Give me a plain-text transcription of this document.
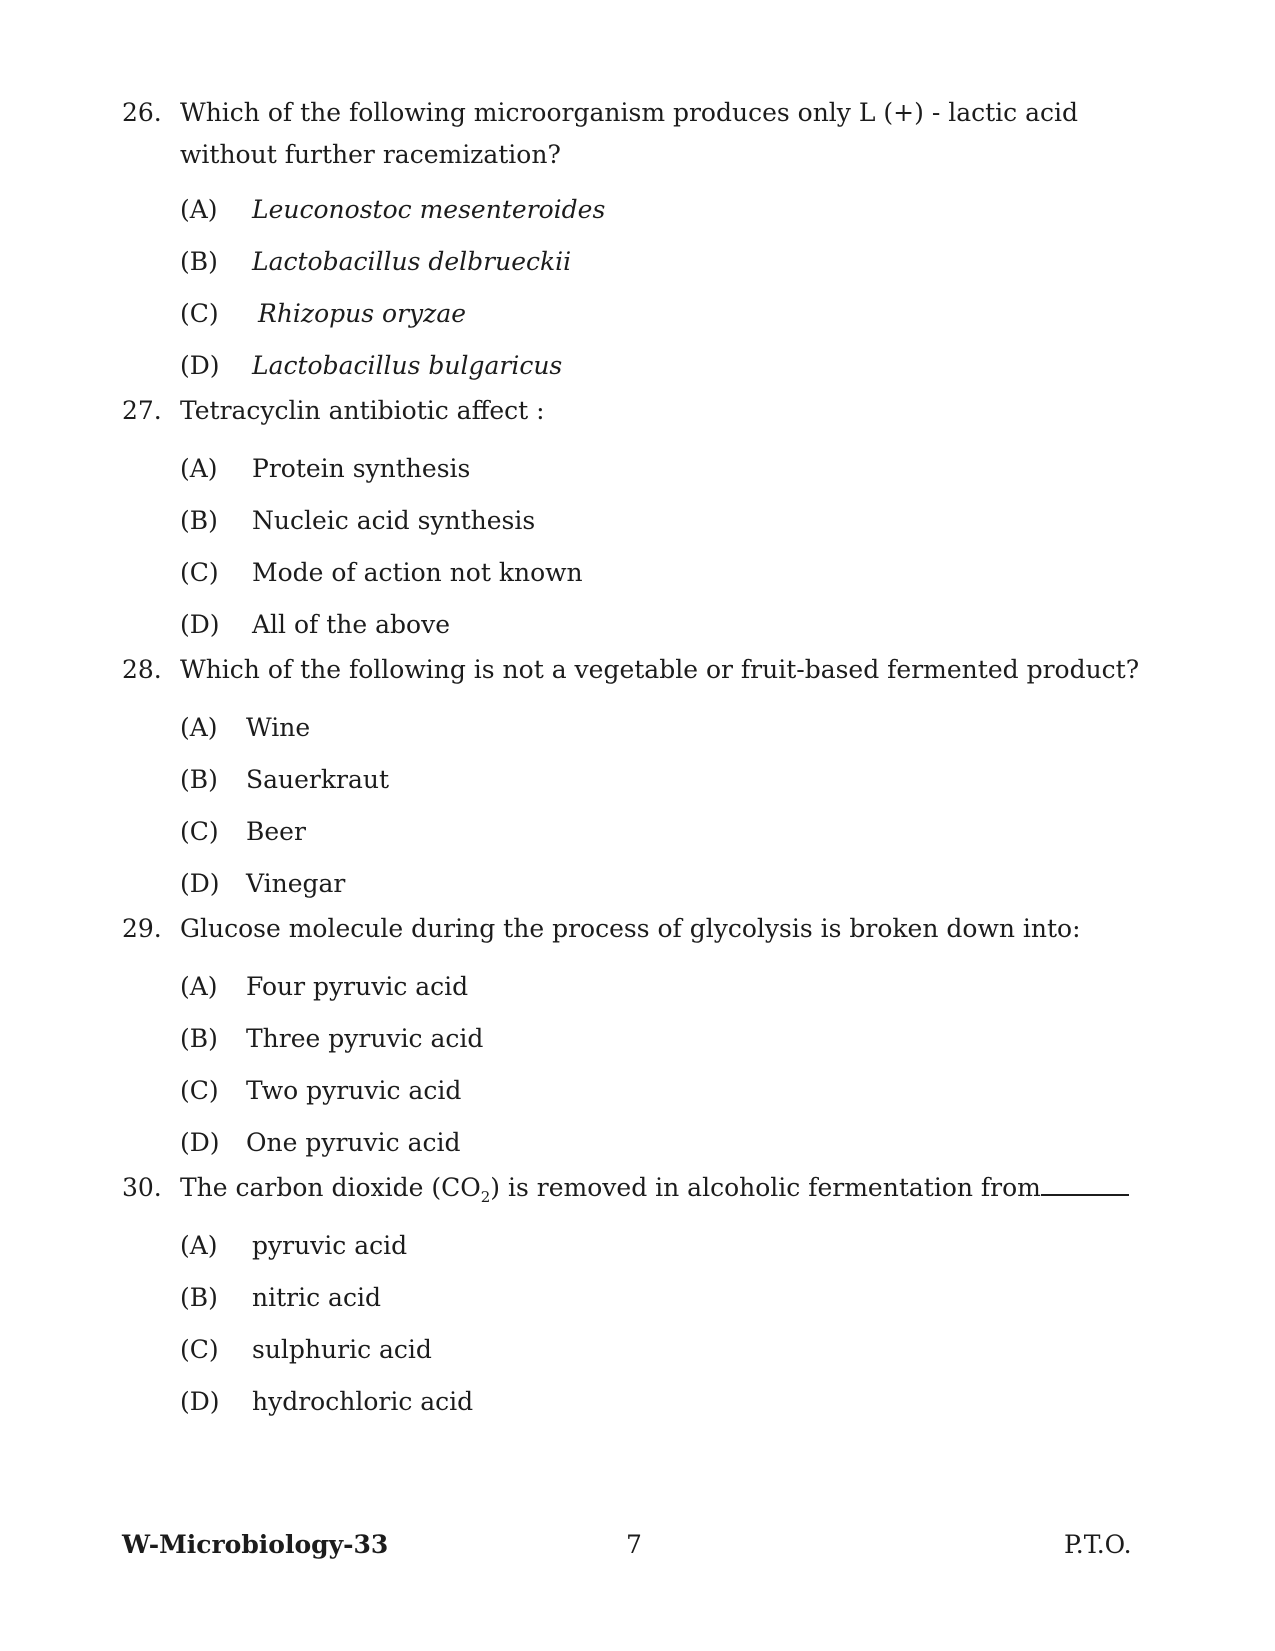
26. Which of the following microorganism produces only L (+) - lactic acid without further racemization?
(A) Leuconostoc mesenteroides
(B) Lactobacillus delbrueckii
(C) Rhizopus oryzae
(D) Lactobacillus bulgaricus
27. Tetracyclin antibiotic affect :
(A) Protein synthesis
(B) Nucleic acid synthesis
(C) Mode of action not known
(D) All of the above
28. Which of the following is not a vegetable or fruit-based fermented product?
(A) Wine
(B) Sauerkraut
(C) Beer
(D) Vinegar
29. Glucose molecule during the process of glycolysis is broken down into:
(A) Four pyruvic acid
(B) Three pyruvic acid
(C) Two pyruvic acid
(D) One pyruvic acid
30. The carbon dioxide $(CO_2)$ is removed in alcoholic fermentation from
(A) pyruvic acid
(B) nitric acid
(C) sulphuric acid
(D) hydrochloric acid
W-Microbiology-33	7	P.T.O.
